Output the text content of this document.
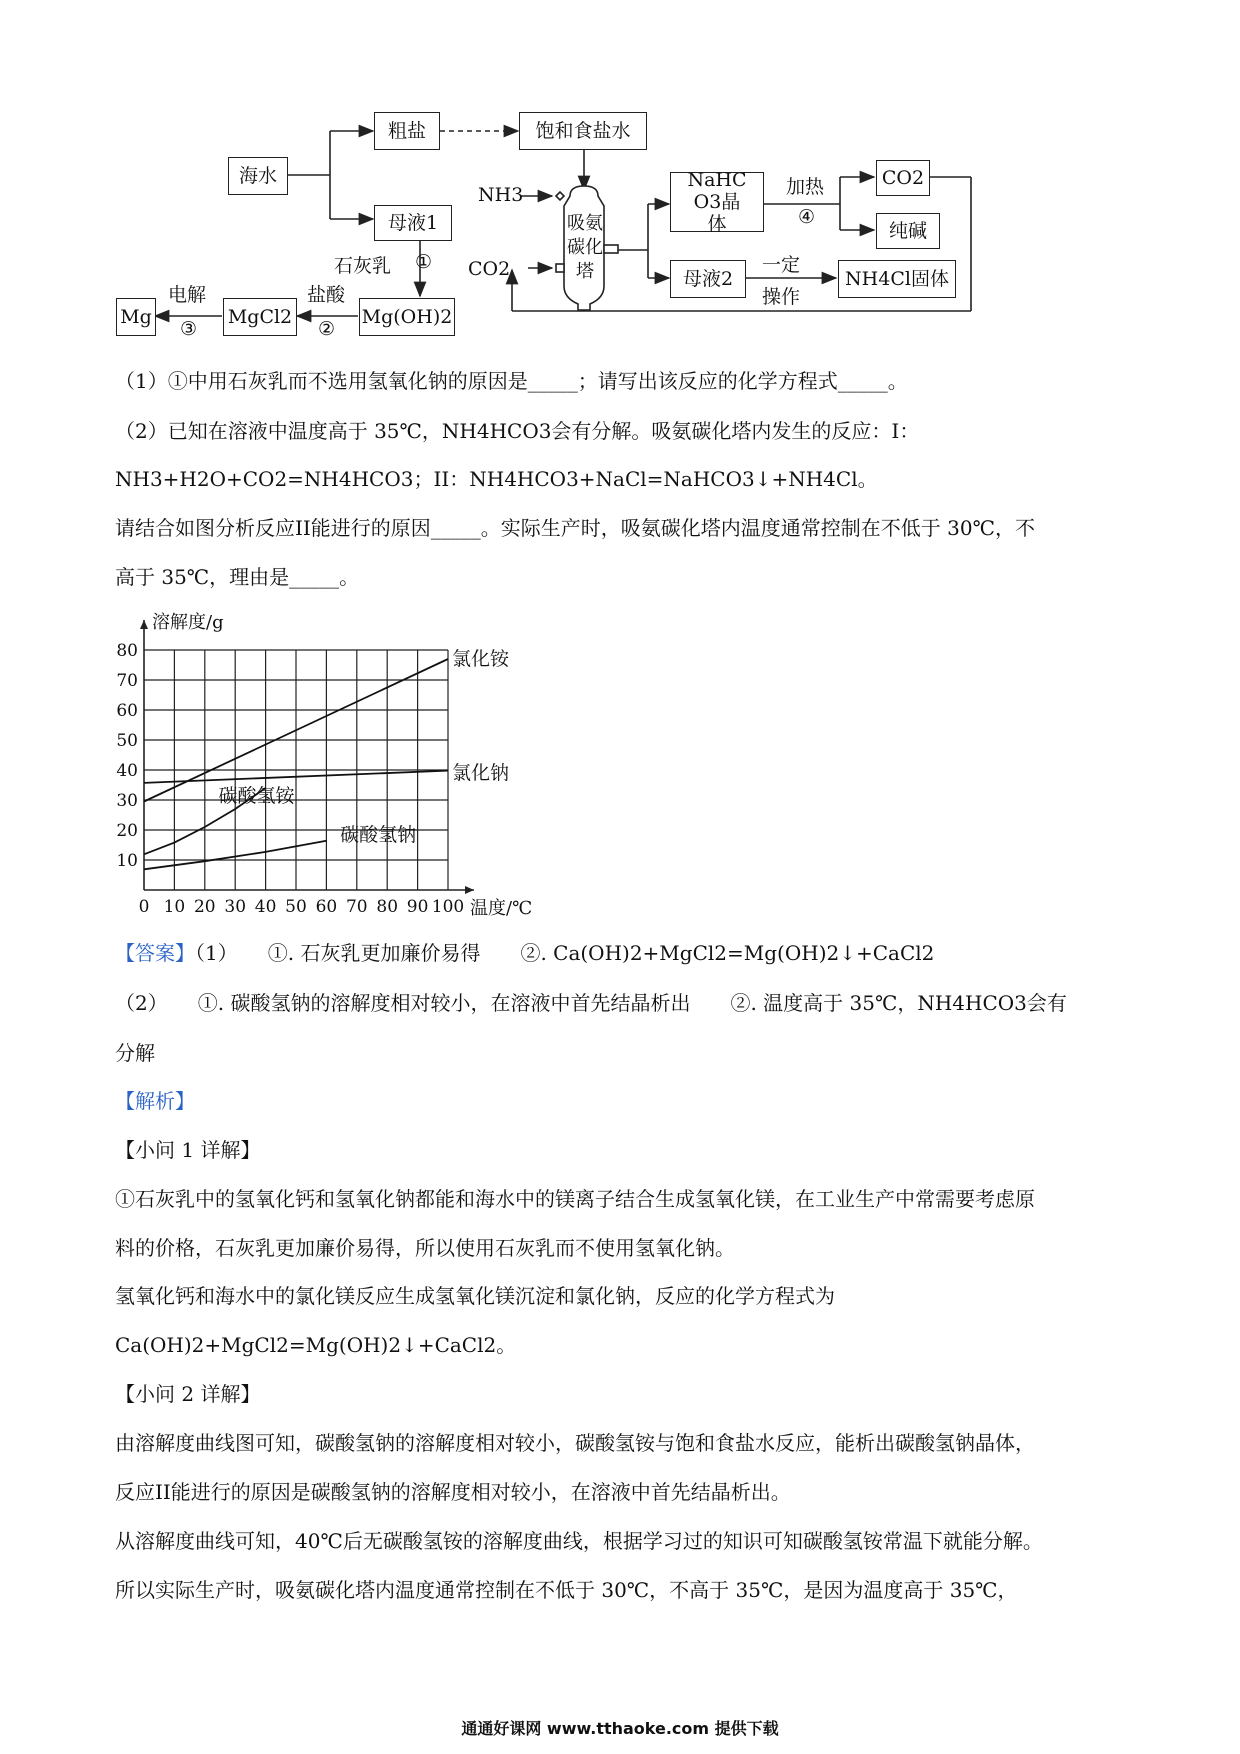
海水
粗盐	饱和食盐水
母液1
石灰乳 ①
Mg(OH)2
盐酸
②
MgCl2
电解
③
Mg
NH3
CO2
吸氨碳化塔
NaHCO3晶体
加热
④
CO2
纯碱
母液2
一定
操作
NH4Cl固体
（1）①中用石灰乳而不选用氢氧化钠的原因是_____；请写出该反应的化学方程式_____。
（2）已知在溶液中温度高于 35℃，NH4HCO3会有分解。吸氨碳化塔内发生的反应：I：
NH3+H2O+CO2=NH4HCO3；II：NH4HCO3+NaCl=NaHCO3↓+NH4Cl。
请结合如图分析反应II能进行的原因_____。实际生产时，吸氨碳化塔内温度通常控制在不低于 30℃，不
高于 35℃，理由是_____。
0 10 20 30 40 50 60 70 80 90 100
10
20
30
40
50
60
70
80
溶解度/g
温度/℃
氯化铵
氯化钠
碳酸氢铵
碳酸氢钠
【答案】（1）　　①. 石灰乳更加廉价易得　　②. Ca(OH)2+MgCl2=Mg(OH)2↓+CaCl2
（2）　　①. 碳酸氢钠的溶解度相对较小，在溶液中首先结晶析出　　②. 温度高于 35℃，NH4HCO3会有
分解
【解析】
【小问 1 详解】
①石灰乳中的氢氧化钙和氢氧化钠都能和海水中的镁离子结合生成氢氧化镁，在工业生产中常需要考虑原
料的价格，石灰乳更加廉价易得，所以使用石灰乳而不使用氢氧化钠。
氢氧化钙和海水中的氯化镁反应生成氢氧化镁沉淀和氯化钠，反应的化学方程式为
Ca(OH)2+MgCl2=Mg(OH)2↓+CaCl2。
【小问 2 详解】
由溶解度曲线图可知，碳酸氢钠的溶解度相对较小，碳酸氢铵与饱和食盐水反应，能析出碳酸氢钠晶体，
反应II能进行的原因是碳酸氢钠的溶解度相对较小，在溶液中首先结晶析出。
从溶解度曲线可知，40℃后无碳酸氢铵的溶解度曲线，根据学习过的知识可知碳酸氢铵常温下就能分解。
所以实际生产时，吸氨碳化塔内温度通常控制在不低于 30℃，不高于 35℃，是因为温度高于 35℃，
通通好课网 www.tthaoke.com 提供下载
